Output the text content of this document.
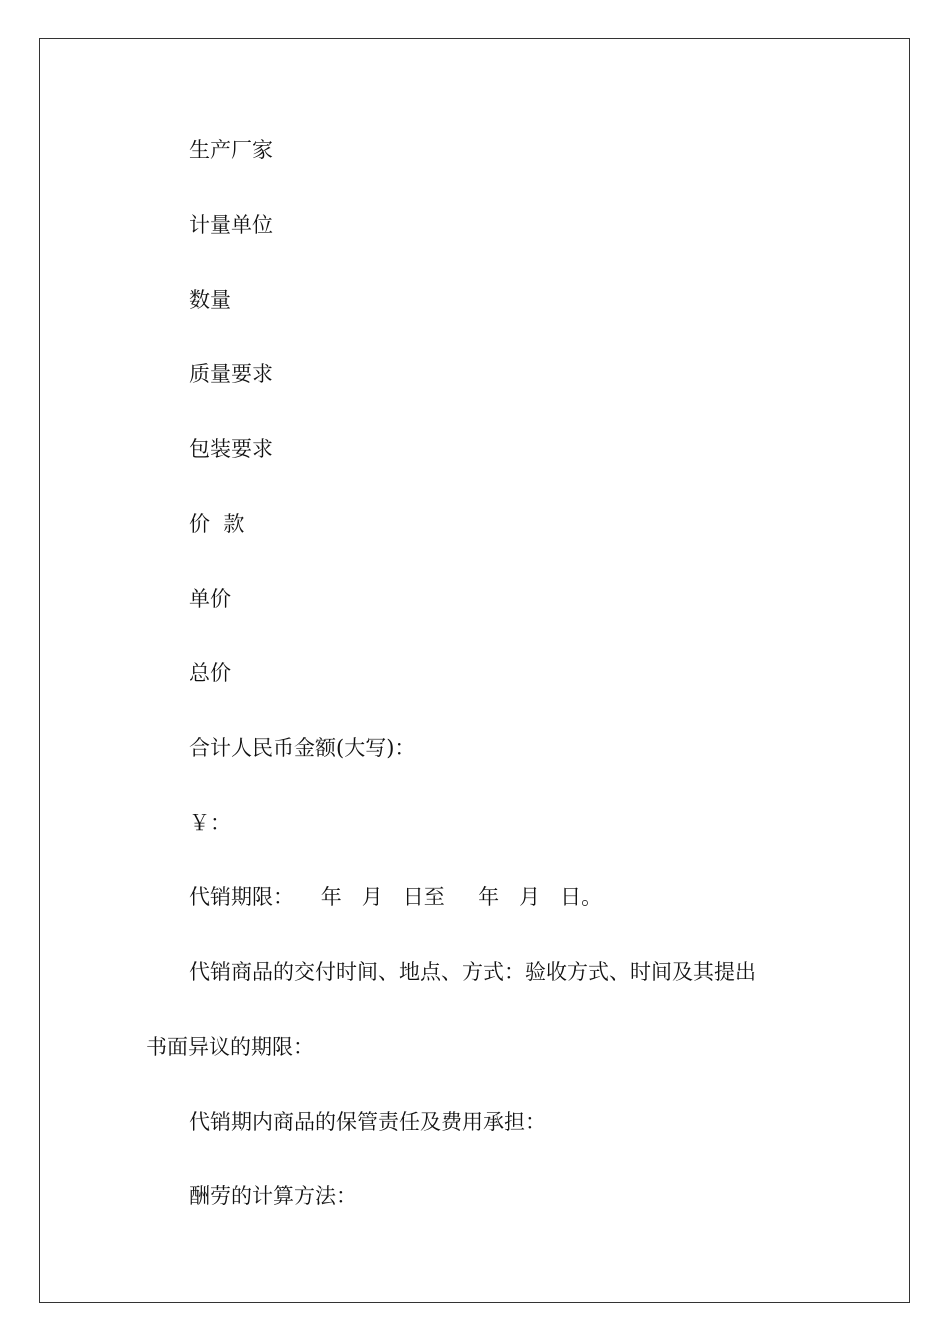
生产厂家

计量单位

数量

质量要求

包装要求

价  款

单价

总价

合计人民币金额(大写)：

￥：

代销期限：    年   月   日至     年   月   日。

代销商品的交付时间、地点、方式：验收方式、时间及其提出

书面异议的期限：

代销期内商品的保管责任及费用承担：

酬劳的计算方法：
